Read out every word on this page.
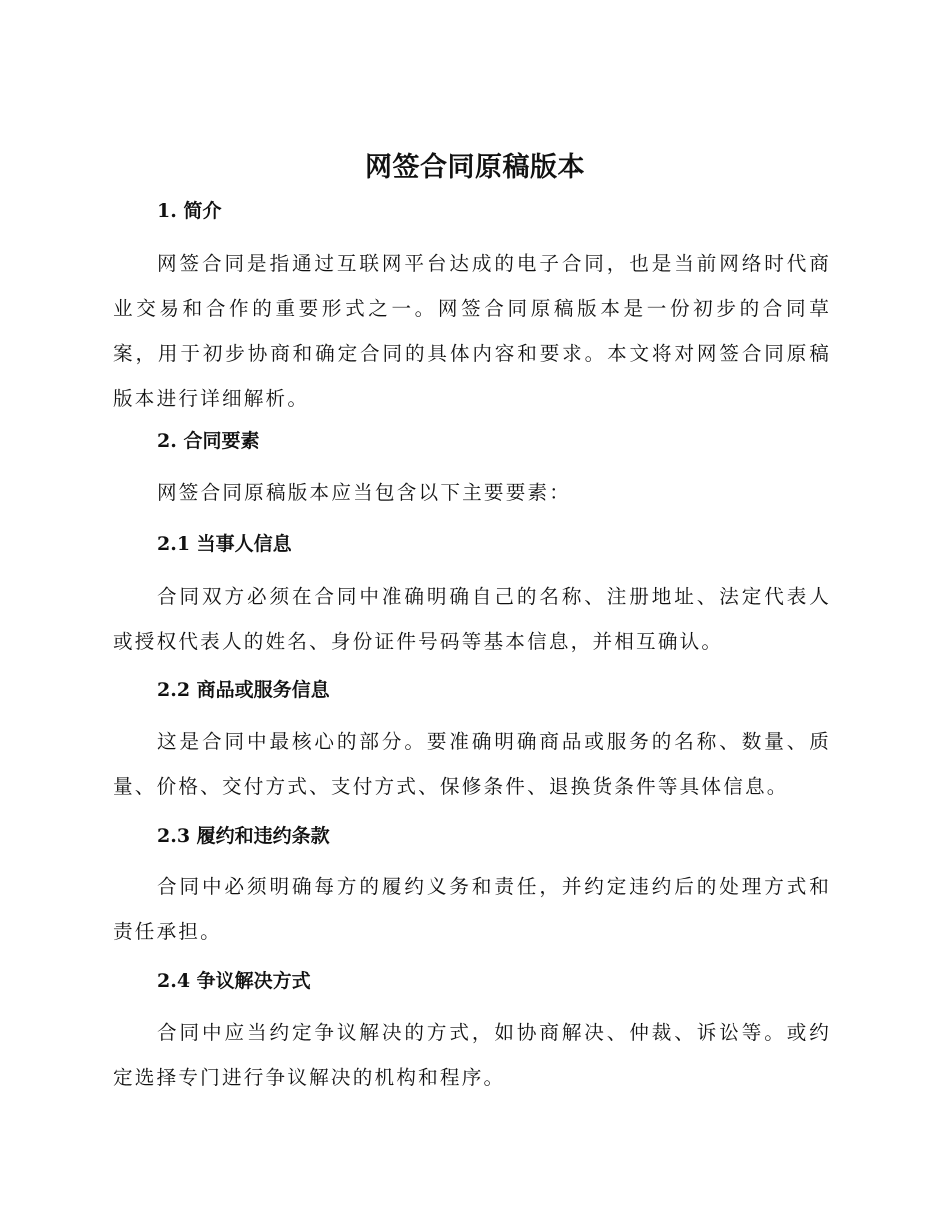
网签合同原稿版本
1. 简介
网签合同是指通过互联网平台达成的电子合同，也是当前网络时代商业交易和合作的重要形式之一。网签合同原稿版本是一份初步的合同草案，用于初步协商和确定合同的具体内容和要求。本文将对网签合同原稿版本进行详细解析。
2. 合同要素
网签合同原稿版本应当包含以下主要要素：
2.1 当事人信息
合同双方必须在合同中准确明确自己的名称、注册地址、法定代表人或授权代表人的姓名、身份证件号码等基本信息，并相互确认。
2.2 商品或服务信息
这是合同中最核心的部分。要准确明确商品或服务的名称、数量、质量、价格、交付方式、支付方式、保修条件、退换货条件等具体信息。
2.3 履约和违约条款
合同中必须明确每方的履约义务和责任，并约定违约后的处理方式和责任承担。
2.4 争议解决方式
合同中应当约定争议解决的方式，如协商解决、仲裁、诉讼等。或约定选择专门进行争议解决的机构和程序。
